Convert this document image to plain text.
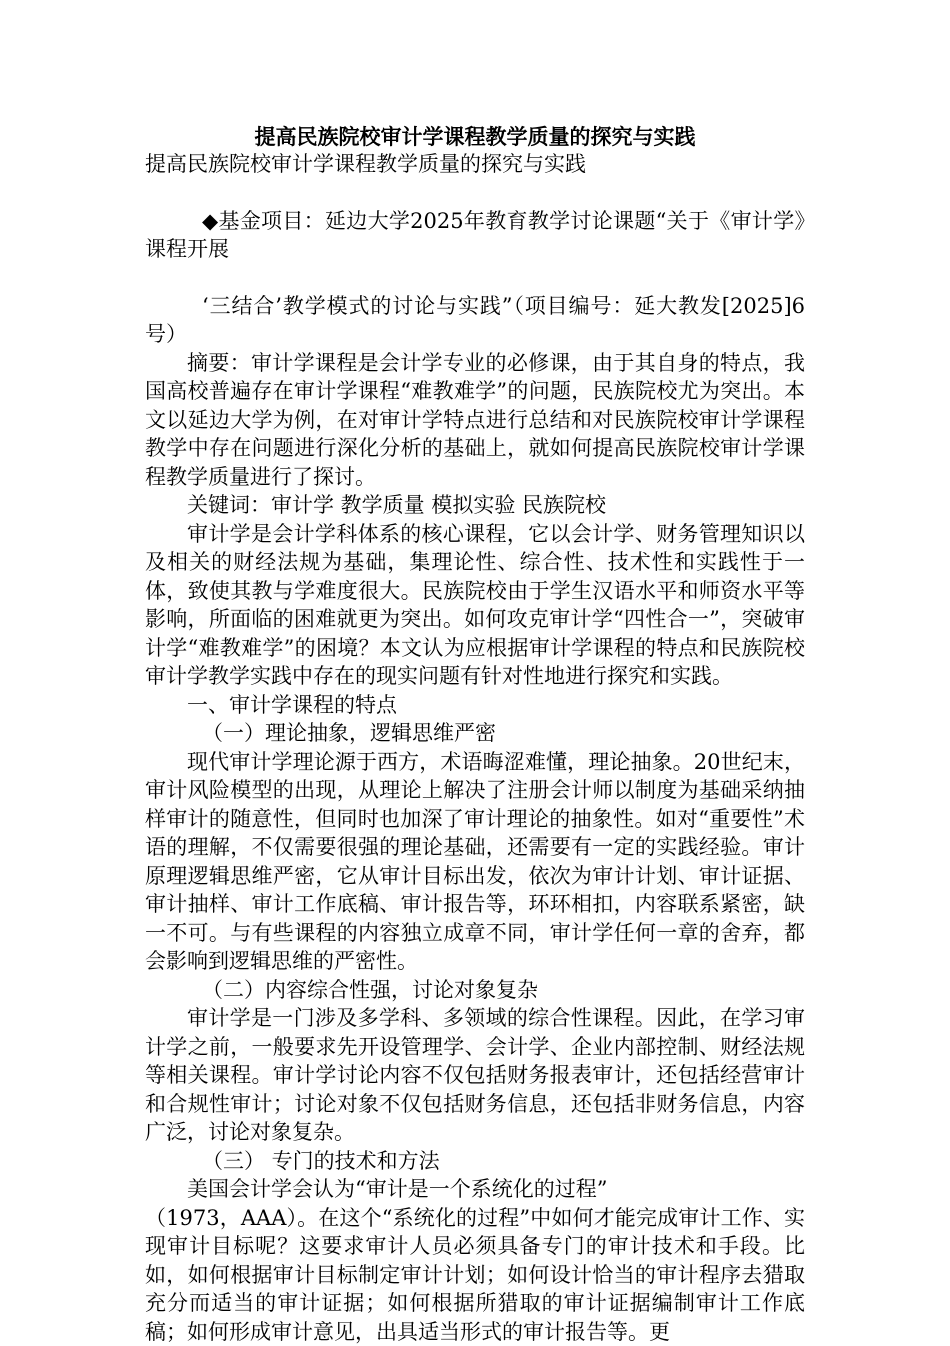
提高民族院校审计学课程教学质量的探究与实践

提高民族院校审计学课程教学质量的探究与实践

◆基金项目：延边大学2025年教育教学讨论课题“关于《审计学》课程开展

‘三结合’教学模式的讨论与实践”（项目编号：延大教发[2025]6号）

摘要：审计学课程是会计学专业的必修课，由于其自身的特点，我国高校普遍存在审计学课程“难教难学”的问题，民族院校尤为突出。本文以延边大学为例，在对审计学特点进行总结和对民族院校审计学课程教学中存在问题进行深化分析的基础上，就如何提高民族院校审计学课程教学质量进行了探讨。

关键词：审计学 教学质量 模拟实验 民族院校

审计学是会计学科体系的核心课程，它以会计学、财务管理知识以及相关的财经法规为基础，集理论性、综合性、技术性和实践性于一体，致使其教与学难度很大。民族院校由于学生汉语水平和师资水平等影响，所面临的困难就更为突出。如何攻克审计学“四性合一”，突破审计学“难教难学”的困境？本文认为应根据审计学课程的特点和民族院校审计学教学实践中存在的现实问题有针对性地进行探究和实践。

一、审计学课程的特点

（一）理论抽象，逻辑思维严密

现代审计学理论源于西方，术语晦涩难懂，理论抽象。20世纪末，审计风险模型的出现，从理论上解决了注册会计师以制度为基础采纳抽样审计的随意性，但同时也加深了审计理论的抽象性。如对“重要性”术语的理解，不仅需要很强的理论基础，还需要有一定的实践经验。审计原理逻辑思维严密，它从审计目标出发，依次为审计计划、审计证据、审计抽样、审计工作底稿、审计报告等，环环相扣，内容联系紧密，缺一不可。与有些课程的内容独立成章不同，审计学任何一章的舍弃，都会影响到逻辑思维的严密性。

（二）内容综合性强，讨论对象复杂

审计学是一门涉及多学科、多领域的综合性课程。因此，在学习审计学之前，一般要求先开设管理学、会计学、企业内部控制、财经法规等相关课程。审计学讨论内容不仅包括财务报表审计，还包括经营审计和合规性审计；讨论对象不仅包括财务信息，还包括非财务信息，内容广泛，讨论对象复杂。

（三） 专门的技术和方法

美国会计学会认为“审计是一个系统化的过程”

（1973，AAA）。在这个“系统化的过程”中如何才能完成审计工作、实现审计目标呢？这要求审计人员必须具备专门的审计技术和手段。比如，如何根据审计目标制定审计计划；如何设计恰当的审计程序去猎取充分而适当的审计证据；如何根据所猎取的审计证据编制审计工作底稿；如何形成审计意见，出具适当形式的审计报告等。更
